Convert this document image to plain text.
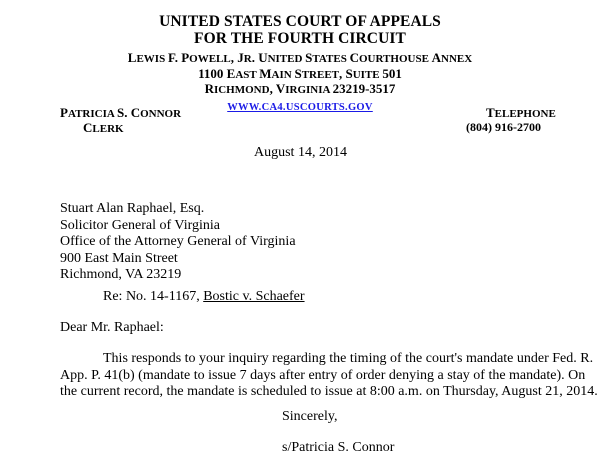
UNITED STATES COURT OF APPEALS
FOR THE FOURTH CIRCUIT
LEWIS F. POWELL, JR. UNITED STATES COURTHOUSE ANNEX
1100 EAST MAIN STREET, SUITE 501
RICHMOND, VIRGINIA 23219-3517
WWW.CA4.USCOURTS.GOV
PATRICIA S. CONNOR
CLERK
TELEPHONE
(804) 916-2700
August 14, 2014
Stuart Alan Raphael, Esq.
Solicitor General of Virginia
Office of the Attorney General of Virginia
900 East Main Street
Richmond, VA 23219
Re: No. 14-1167, Bostic v. Schaefer
Dear Mr. Raphael:
This responds to your inquiry regarding the timing of the court's mandate under Fed. R.
App. P. 41(b) (mandate to issue 7 days after entry of order denying a stay of the mandate). On
the current record, the mandate is scheduled to issue at 8:00 a.m. on Thursday, August 21, 2014.
Sincerely,
s/Patricia S. Connor
